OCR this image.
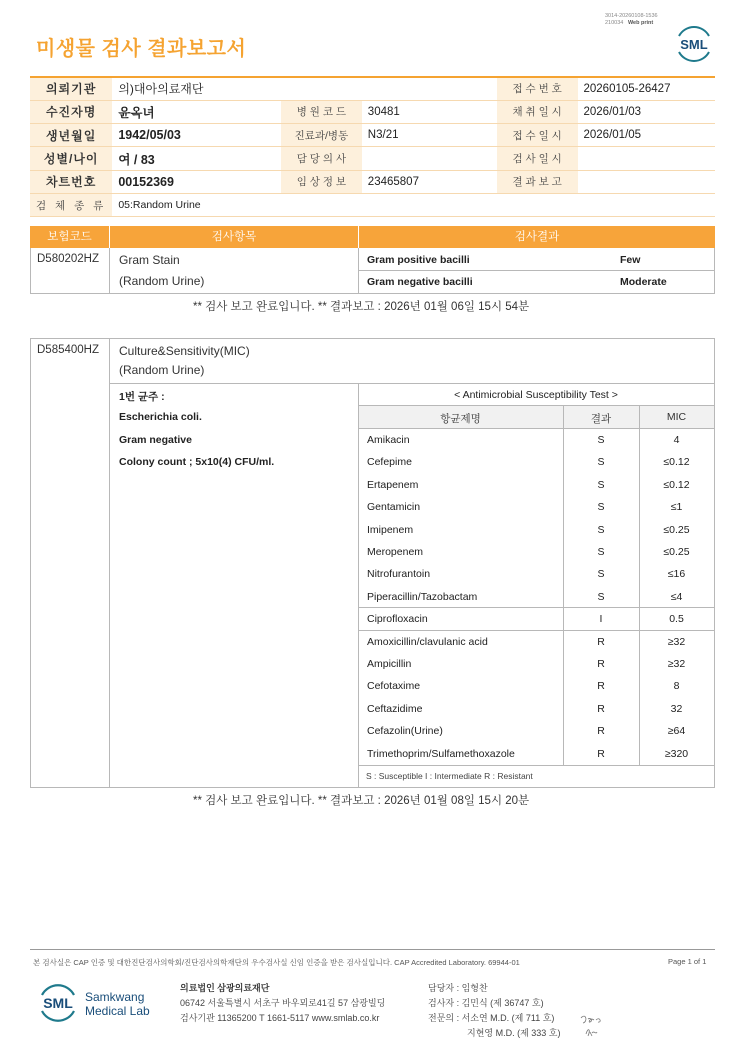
3014-20260108-1536
210034 Web print
SML
미생물 검사 결과보고서
의뢰기관	의)대아의료재단			접 수 번 호	20260105-26427
수진자명	윤옥녀	병 원 코 드	30481	채 취 일 시	2026/01/03
생년월일	1942/05/03	진료과/병동	N3/21	접 수 일 시	2026/01/05
성별/나이	여 / 83	담 당 의 사		검 사 일 시	
차트번호	00152369	임 상 정 보	23465807	결 과 보 고	
검 체 종 류	05:Random Urine				
보험코드	검사항목	검사결과
D580202HZ Gram Stain
(Random Urine)
Gram positive bacilli	Few
Gram negative bacilli	Moderate
** 검사 보고 완료입니다. ** 결과보고 : 2026년 01월 06일 15시 54분
D585400HZ Culture&Sensitivity(MIC)
(Random Urine)
1번 균주 :
Escherichia coli.
Gram negative
Colony count ; 5x10(4) CFU/ml.
< Antimicrobial Susceptibility Test >
항균제명	결과	MIC
Amikacin	S	4
Cefepime	S	≤0.12
Ertapenem	S	≤0.12
Gentamicin	S	≤1
Imipenem	S	≤0.25
Meropenem	S	≤0.25
Nitrofurantoin	S	≤16
Piperacillin/Tazobactam	S	≤4
Ciprofloxacin	I	0.5
Amoxicillin/clavulanic acid	R	≥32
Ampicillin	R	≥32
Cefotaxime	R	8
Ceftazidime	R	32
Cefazolin(Urine)	R	≥64
Trimethoprim/Sulfamethoxazole	R	≥320
S : Susceptible I : Intermediate R : Resistant
** 검사 보고 완료입니다. ** 결과보고 : 2026년 01월 08일 15시 20분
본 검사실은 CAP 인증 및 대한진단검사의학회/진단검사의학재단의 우수검사실 신임 인증을 받은 검사실입니다. CAP Accredited Laboratory. 69944-01	Page 1 of 1
SML Samkwang
Medical Lab
의료법인 삼광의료재단
06742 서울특별시 서초구 바우뫼로41길 57 삼광빌딩
검사기관 11365200 T 1661-5117 www.smlab.co.kr
담당자 : 임형찬
검사자 : 김민식 (제 36747 호)
전문의 : 서소연 M.D. (제 711 호)
지현영 M.D. (제 333 호)
